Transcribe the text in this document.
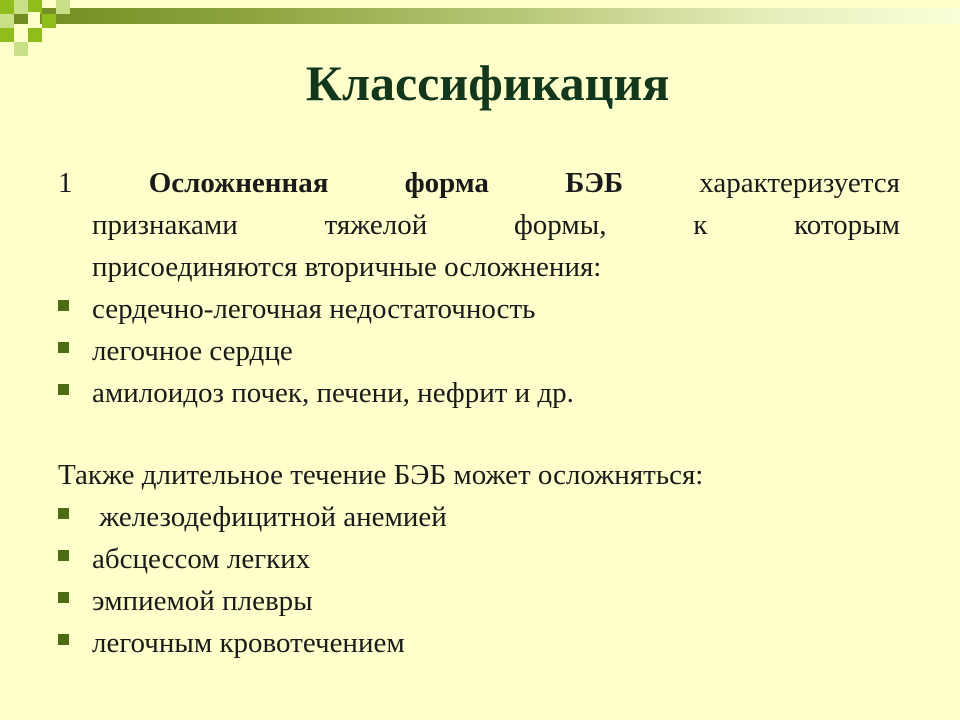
Классификация
1	Осложненная	форма	БЭБ	характеризуется
признаками	тяжелой	формы,	к	которым
присоединяются вторичные осложнения:
сердечно-легочная недостаточность
легочное сердце
амилоидоз почек, печени, нефрит и др.
Также длительное течение БЭБ может осложняться:
железодефицитной анемией
абсцессом легких
эмпиемой плевры
легочным кровотечением
